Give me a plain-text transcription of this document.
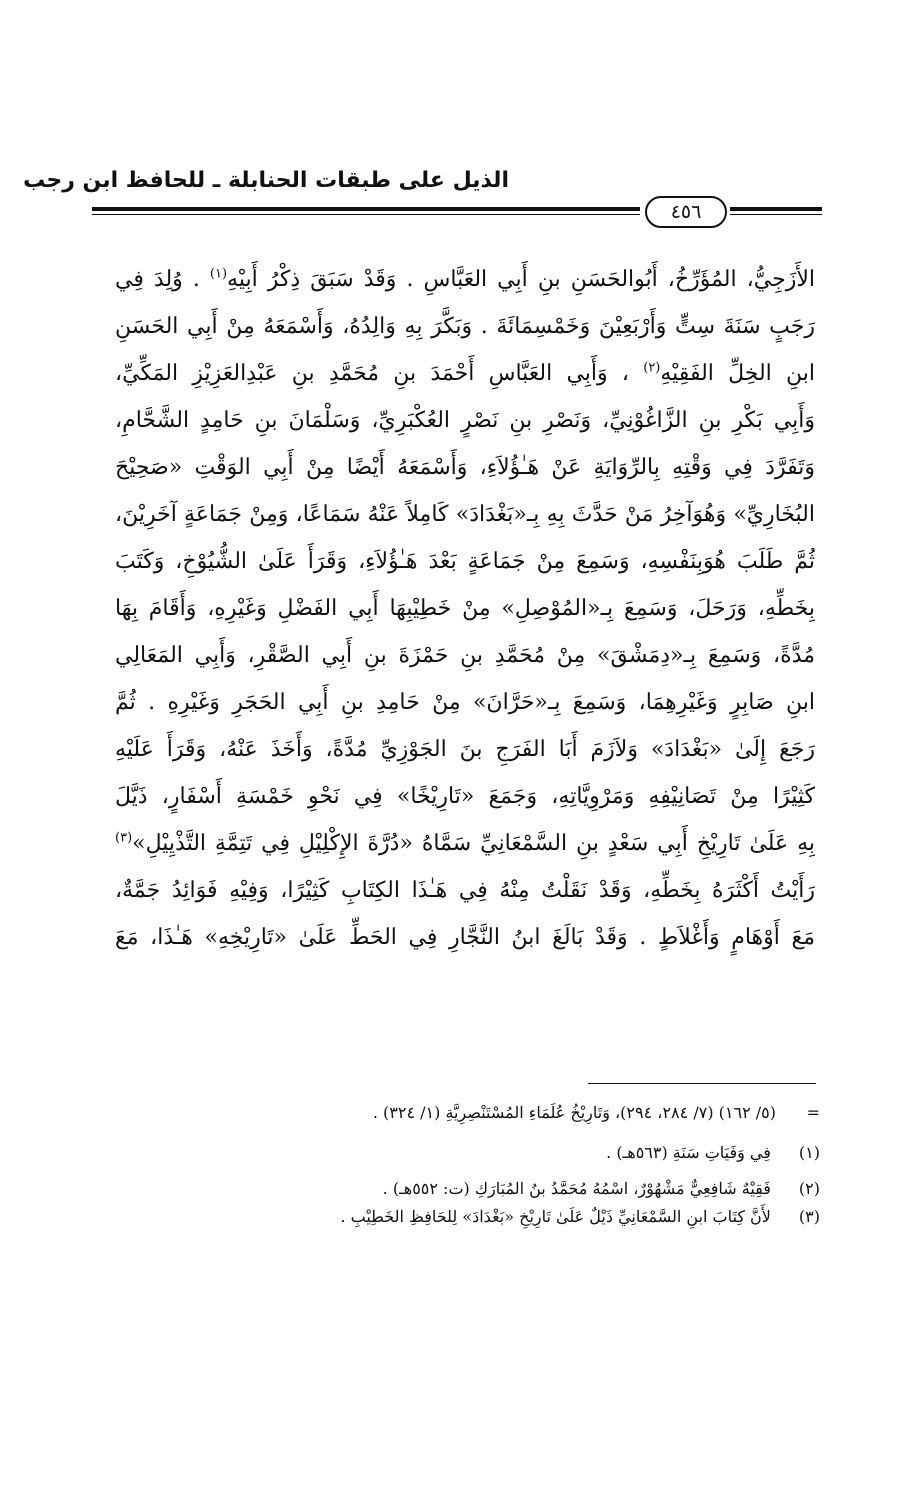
الذيل على طبقات الحنابلة ـ للحافظ ابن رجب
٤٥٦
الأَزَجِيُّ، المُؤَرِّخُ، أَبُوالحَسَنِ بنِ أَبِي العَبَّاسِ . وَقَدْ سَبَقَ ذِكْرُ أَبِيْهِ$^{(١)}$ . وُلِدَ فِي
رَجَبٍ سَنَةَ سِتٍّ وَأَرْبَعِيْنَ وَخَمْسِمَائَةَ . وَبَكَّرَ بِهِ وَالِدُهُ، وَأَسْمَعَهُ مِنْ أَبِي الحَسَنِ
ابنِ الخِلِّ الفَقِيْهِ$^{(٢)}$ ، وَأَبِي العَبَّاسِ أَحْمَدَ بنِ مُحَمَّدِ بنِ عَبْدِالعَزِيْزِ المَكِّيِّ،
وَأَبِي بَكْرِ بنِ الزَّاغُوْنِيِّ، وَنَصْرِ بنِ نَصْرٍ العُكْبَرِيِّ، وَسَلْمَانَ بنِ حَامِدٍ الشَّحَّامِ،
وَتَفَرَّدَ فِي وَقْتِهِ بِالرِّوَايَةِ عَنْ هَـٰؤُلاَءِ، وَأَسْمَعَهُ أَيْضًا مِنْ أَبِي الوَقْتِ «صَحِيْحَ
البُخَارِيِّ» وَهُوَآخِرُ مَنْ حَدَّثَ بِهِ بِـ«بَغْدَادَ» كَامِلاً عَنْهُ سَمَاعًا، وَمِنْ جَمَاعَةٍ آخَرِيْنَ،
ثُمَّ طَلَبَ هُوَبِنَفْسِهِ، وَسَمِعَ مِنْ جَمَاعَةٍ بَعْدَ هَـٰؤُلاَءِ، وَقَرَأَ عَلَىٰ الشُّيُوْخِ، وَكَتَبَ
بِخَطِّهِ، وَرَحَلَ، وَسَمِعَ بِـ«المُوْصِلِ» مِنْ خَطِيْبِهَا أَبِي الفَضْلِ وَغَيْرِهِ، وَأَقَامَ بِهَا
مُدَّةً، وَسَمِعَ بِـ«دِمَشْقَ» مِنْ مُحَمَّدِ بنِ حَمْزَةَ بنِ أَبِي الصَّقْرِ، وَأَبِي المَعَالِي
ابنِ صَابِرٍ وَغَيْرِهِمَا، وَسَمِعَ بِـ«حَرَّانَ» مِنْ حَامِدِ بنِ أَبِي الحَجَرِ وَغَيْرِهِ . ثُمَّ
رَجَعَ إِلَىٰ «بَغْدَادَ» وَلاَزَمَ أَبَا الفَرَجِ بنَ الجَوْزِيِّ مُدَّةً، وَأَخَذَ عَنْهُ، وَقَرَأَ عَلَيْهِ
كَثِيْرًا مِنْ تَصَانِيْفِهِ وَمَرْوِيَّاتِهِ، وَجَمَعَ «تَارِيْخًا» فِي نَحْوِ خَمْسَةِ أَسْفَارٍ، ذَيَّلَ
بِهِ عَلَىٰ تَارِيْخِ أَبِي سَعْدٍ بنِ السَّمْعَانِيِّ سَمَّاهُ «دُرَّةَ الإِكْلِيْلِ فِي تَتِمَّةِ التَّذْيِيْلِ»$^{(٣)}$
رَأَيْتُ أَكْثَرَهُ بِخَطِّهِ، وَقَدْ نَقَلْتُ مِنْهُ فِي هَـٰذَا الكِتَابِ كَثِيْرًا، وَفِيْهِ فَوَائِدُ جَمَّةٌ،
مَعَ أَوْهَامٍ وَأَغْلاَطٍ . وَقَدْ بَالَغَ ابنُ النَّجَّارِ فِي الحَطِّ عَلَىٰ «تَارِيْخِهِ» هَـٰذَا، مَعَ
=
(٥/ ١٦٢) (٧/ ٢٨٤، ٢٩٤)، وَتَارِيْخُ عُلَمَاءِ المُسْتَنْصِرِيَّةِ (١/ ٣٢٤) .
(١) فِي وَفَيَاتِ سَنَةِ (٥٦٣هـ) .
(٢) فَقِيْهٌ شَافِعِيٌّ مَشْهُوْرٌ، اسْمُهُ مُحَمَّدُ بنُ المُبَارَكِ (ت: ٥٥٢هـ) .
(٣) لأَنَّ كِتَابَ ابنِ السَّمْعَانِيِّ ذَيْلٌ عَلَىٰ تَارِيْخِ «بَغْدَادَ» لِلحَافِظِ الخَطِيْبِ .
